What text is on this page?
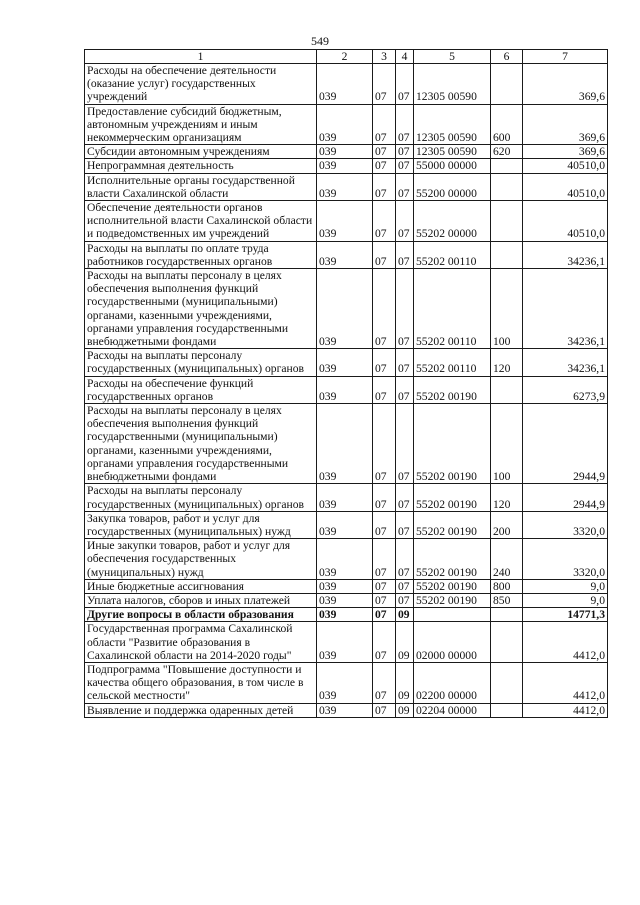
549
1	2	3	4	5	6	7
Расходы на обеспечение деятельности (оказание услуг) государственных учреждений	039	07	07	12305 00590		369,6
Предоставление субсидий бюджетным, автономным учреждениям и иным некоммерческим организациям	039	07	07	12305 00590	600	369,6
Субсидии автономным учреждениям	039	07	07	12305 00590	620	369,6
Непрограммная деятельность	039	07	07	55000 00000		40510,0
Исполнительные органы государственной власти Сахалинской области	039	07	07	55200 00000		40510,0
Обеспечение деятельности органов исполнительной власти Сахалинской области и подведомственных им учреждений	039	07	07	55202 00000		40510,0
Расходы на выплаты по оплате труда работников государственных органов	039	07	07	55202 00110		34236,1
Расходы на выплаты персоналу в целях обеспечения выполнения функций государственными (муниципальными) органами, казенными учреждениями, органами управления государственными внебюджетными фондами	039	07	07	55202 00110	100	34236,1
Расходы на выплаты персоналу государственных (муниципальных) органов	039	07	07	55202 00110	120	34236,1
Расходы на обеспечение функций государственных органов	039	07	07	55202 00190		6273,9
Расходы на выплаты персоналу в целях обеспечения выполнения функций государственными (муниципальными) органами, казенными учреждениями, органами управления государственными внебюджетными фондами	039	07	07	55202 00190	100	2944,9
Расходы на выплаты персоналу государственных (муниципальных) органов	039	07	07	55202 00190	120	2944,9
Закупка товаров, работ и услуг для государственных (муниципальных) нужд	039	07	07	55202 00190	200	3320,0
Иные закупки товаров, работ и услуг для обеспечения государственных (муниципальных) нужд	039	07	07	55202 00190	240	3320,0
Иные бюджетные ассигнования	039	07	07	55202 00190	800	9,0
Уплата налогов, сборов и иных платежей	039	07	07	55202 00190	850	9,0
Другие вопросы в области образования	039	07	09			14771,3
Государственная программа Сахалинской области "Развитие образования в Сахалинской области на 2014-2020 годы"	039	07	09	02000 00000		4412,0
Подпрограмма "Повышение доступности и качества общего образования, в том числе в сельской местности"	039	07	09	02200 00000		4412,0
Выявление и поддержка одаренных детей	039	07	09	02204 00000		4412,0
